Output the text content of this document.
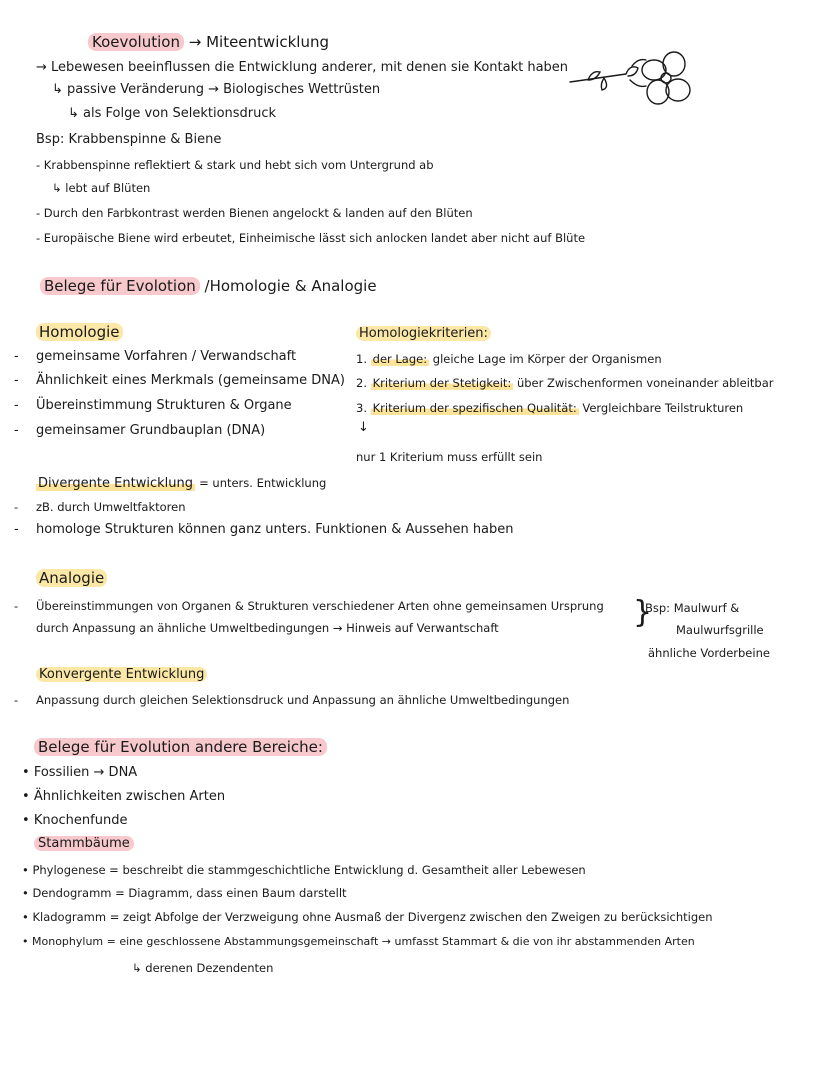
Koevolution → Miteentwicklung
→ Lebewesen beeinflussen die Entwicklung anderer, mit denen sie Kontakt haben
↳ passive Veränderung → Biologisches Wettrüsten
↳ als Folge von Selektionsdruck
Bsp: Krabbenspinne & Biene
- Krabbenspinne reflektiert & stark und hebt sich vom Untergrund ab
↳ lebt auf Blüten
- Durch den Farbkontrast werden Bienen angelockt & landen auf den Blüten
- Europäische Biene wird erbeutet, Einheimische lässt sich anlocken landet aber nicht auf Blüte
Belege für Evolotion /Homologie & Analogie
Homologie
- gemeinsame Vorfahren / Verwandschaft
- Ähnlichkeit eines Merkmals (gemeinsame DNA)
- Übereinstimmung Strukturen & Organe
- gemeinsamer Grundbauplan (DNA)
Homologiekriterien:
1. der Lage: gleiche Lage im Körper der Organismen
2. Kriterium der Stetigkeit: über Zwischenformen voneinander ableitbar
3. Kriterium der spezifischen Qualität: Vergleichbare Teilstrukturen
↓
nur 1 Kriterium muss erfüllt sein
Divergente Entwicklung = unters. Entwicklung
- zB. durch Umweltfaktoren
- homologe Strukturen können ganz unters. Funktionen & Aussehen haben
Analogie
- Übereinstimmungen von Organen & Strukturen verschiedener Arten ohne gemeinsamen Ursprung
durch Anpassung an ähnliche Umweltbedingungen → Hinweis auf Verwantschaft	}
Bsp: Maulwurf &
Maulwurfsgrille
ähnliche Vorderbeine
Konvergente Entwicklung
- Anpassung durch gleichen Selektionsdruck und Anpassung an ähnliche Umweltbedingungen
Belege für Evolution andere Bereiche:
• Fossilien → DNA
• Ähnlichkeiten zwischen Arten
• Knochenfunde
Stammbäume
• Phylogenese = beschreibt die stammgeschichtliche Entwicklung d. Gesamtheit aller Lebewesen
• Dendogramm = Diagramm, dass einen Baum darstellt
• Kladogramm = zeigt Abfolge der Verzweigung ohne Ausmaß der Divergenz zwischen den Zweigen zu berücksichtigen
• Monophylum = eine geschlossene Abstammungsgemeinschaft → umfasst Stammart & die von ihr abstammenden Arten
↳ derenen Dezendenten
